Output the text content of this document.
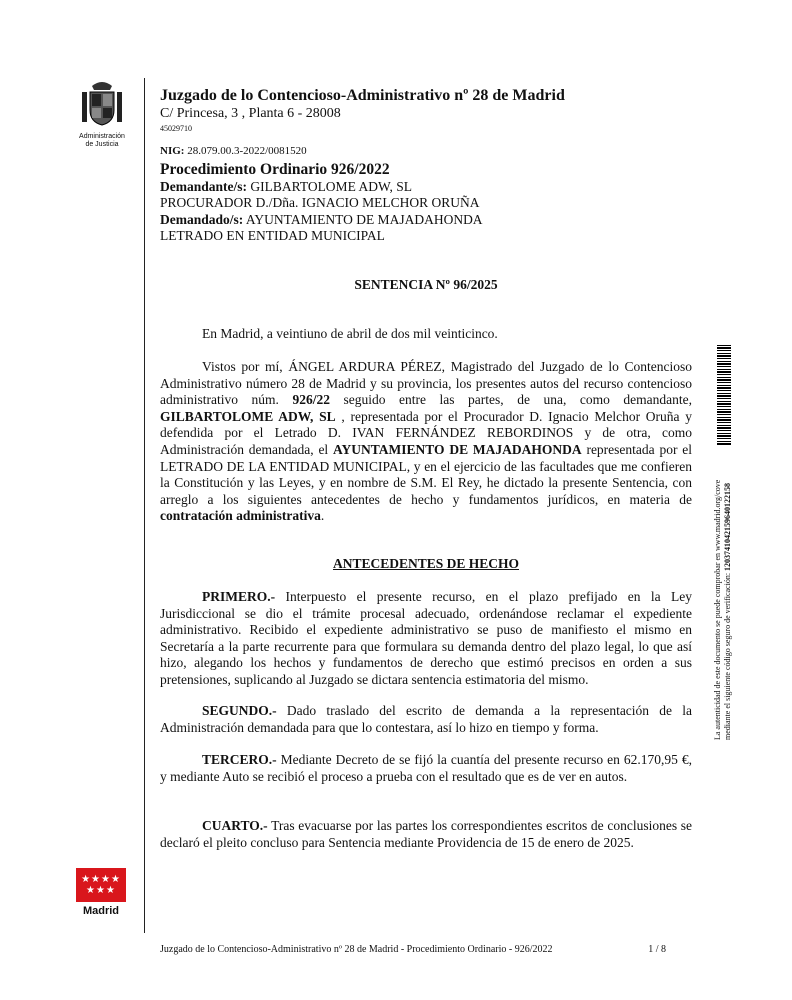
Administración
de Justicia
Juzgado de lo Contencioso-Administrativo nº 28 de Madrid
C/ Princesa, 3 , Planta 6 - 28008
45029710
NIG: 28.079.00.3-2022/0081520
Procedimiento Ordinario 926/2022
Demandante/s: GILBARTOLOME ADW, SL
PROCURADOR D./Dña. IGNACIO MELCHOR ORUÑA
Demandado/s: AYUNTAMIENTO DE MAJADAHONDA
LETRADO EN ENTIDAD MUNICIPAL
SENTENCIA Nº 96/2025

En Madrid, a veintiuno de abril de dos mil veinticinco.

Vistos por mí, ÁNGEL ARDURA PÉREZ, Magistrado del Juzgado de lo Contencioso Administrativo número 28 de Madrid y su provincia, los presentes autos del recurso contencioso administrativo núm. 926/22 seguido entre las partes, de una, como demandante, GILBARTOLOME ADW, SL , representada por el Procurador D. Ignacio Melchor Oruña y defendida por el Letrado D. IVAN FERNÁNDEZ REBORDINOS y de otra, como Administración demandada, el AYUNTAMIENTO DE MAJADAHONDA representada por el LETRADO DE LA ENTIDAD MUNICIPAL, y en el ejercicio de las facultades que me confieren la Constitución y las Leyes, y en nombre de S.M. El Rey, he dictado la presente Sentencia, con arreglo a los siguientes antecedentes de hecho y fundamentos jurídicos, en materia de contratación administrativa.

ANTECEDENTES DE HECHO

PRIMERO.- Interpuesto el presente recurso, en el plazo prefijado en la Ley Jurisdiccional se dio el trámite procesal adecuado, ordenándose reclamar el expediente administrativo. Recibido el expediente administrativo se puso de manifiesto el mismo en Secretaría a la parte recurrente para que formulara su demanda dentro del plazo legal, lo que así hizo, alegando los hechos y fundamentos de derecho que estimó precisos en orden a sus pretensiones, suplicando al Juzgado se dictara sentencia estimatoria del mismo.

SEGUNDO.- Dado traslado del escrito de demanda a la representación de la Administración demandada para que lo contestara, así lo hizo en tiempo y forma.

TERCERO.- Mediante Decreto de se fijó la cuantía del presente recurso en 62.170,95 €, y mediante Auto se recibió el proceso a prueba con el resultado que es de ver en autos.

CUARTO.- Tras evacuarse por las partes los correspondientes escritos de conclusiones se declaró el pleito concluso para Sentencia mediante Providencia de 15 de enero de 2025.

La autenticidad de este documento se puede comprobar en www.madrid.org/cove mediante el siguiente código seguro de verificación: 1203741042159640122158
★★★★
★★★
Madrid
Juzgado de lo Contencioso-Administrativo nº 28 de Madrid - Procedimiento Ordinario - 926/2022	1 / 8
